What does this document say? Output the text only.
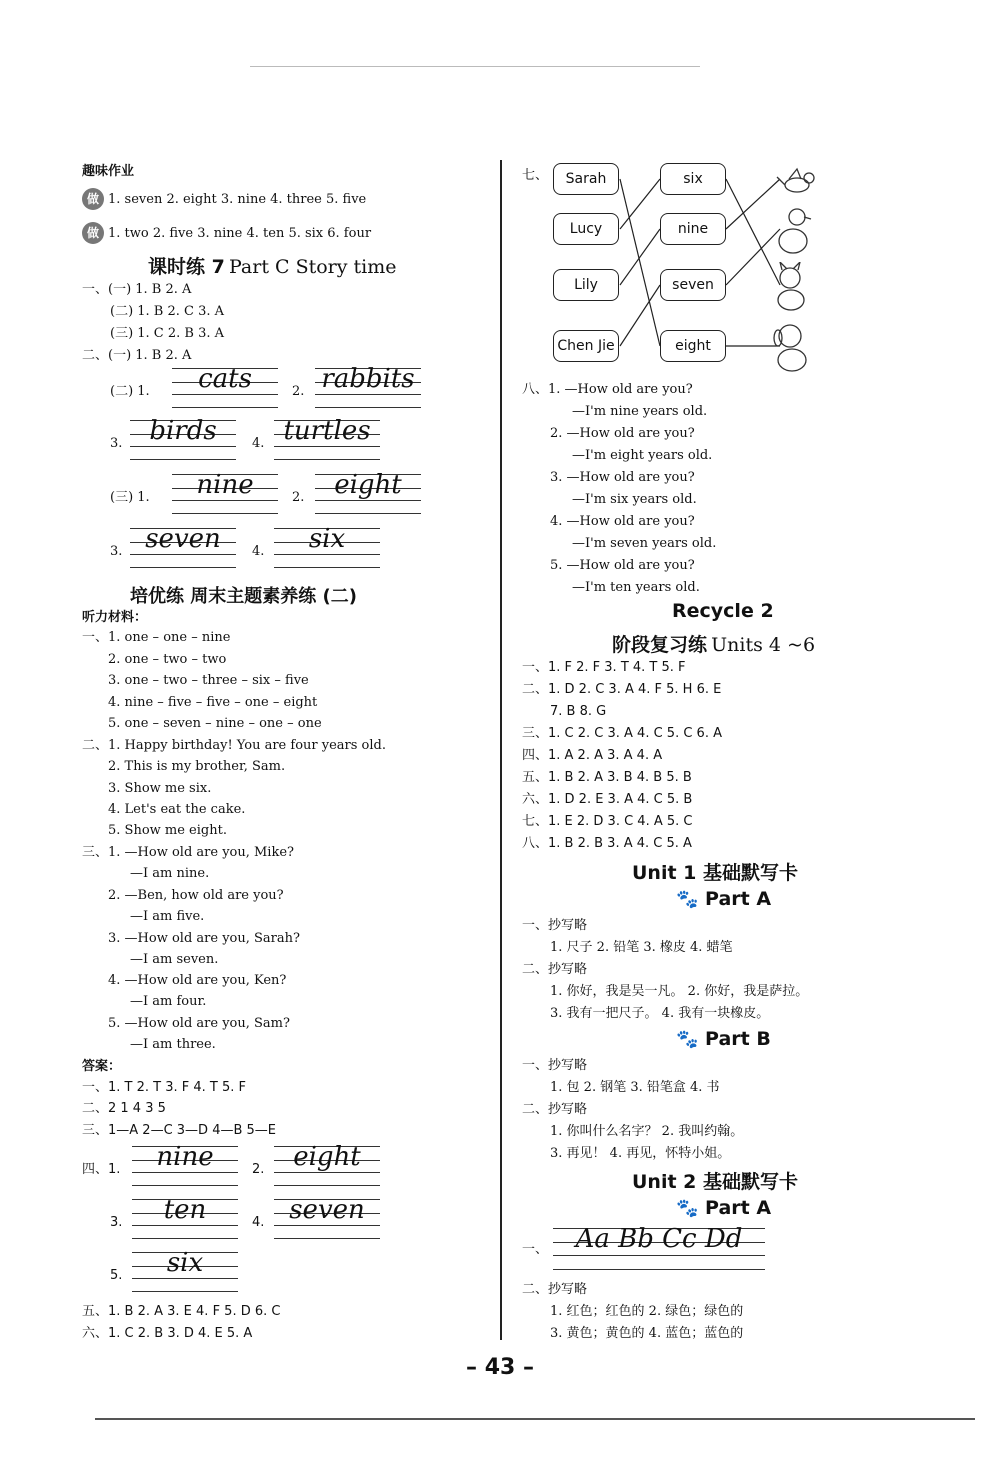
趣味作业
做 1. seven 2. eight 3. nine 4. three 5. five
做 1. two 2. five 3. nine 4. ten 5. six 6. four
课时练 7 Part C Story time
一、(一) 1. B 2. A
(二) 1. B 2. C 3. A
(三) 1. C 2. B 3. A
二、(一) 1. B 2. A
(二) 1.	cats	2. rabbits
3.	birds	4. turtles
(三) 1.	nine	2.	eight
3. seven	4.	six
培优练 周末主题素养练 (二)
听力材料：
一、1. one – one – nine
2. one – two – two
3. one – two – three – six – five
4. nine – five – five – one – eight
5. one – seven – nine – one – one
二、1. Happy birthday! You are four years old.
2. This is my brother, Sam.
3. Show me six.
4. Let's eat the cake.
5. Show me eight.
三、1. —How old are you, Mike?
—I am nine.
2. —Ben, how old are you?
—I am five.
3. —How old are you, Sarah?
—I am seven.
4. —How old are you, Ken?
—I am four.
5. —How old are you, Sam?
—I am three.
答案：
一、1. T 2. T 3. F 4. T 5. F
二、2 1 4 3 5
三、1—A 2—C 3—D 4—B 5—E
四、1.	nine	2.	eight
3.	ten	4. seven
5.	six
五、1. B 2. A 3. E 4. F 5. D 6. C
六、1. C 2. B 3. D 4. E 5. A
七、	Sarah
Lucy
Lily
Chen Jie
six
nine
seven
eight
八、1. —How old are you?
—I'm nine years old.
2. —How old are you?
—I'm eight years old.
3. —How old are you?
—I'm six years old.
4. —How old are you?
—I'm seven years old.
5. —How old are you?
—I'm ten years old.
Recycle 2
阶段复习练 Units 4 ~6
一、1. F 2. F 3. T 4. T 5. F
二、1. D 2. C 3. A 4. F 5. H 6. E
7. B 8. G
三、1. C 2. C 3. A 4. C 5. C 6. A
四、1. A 2. A 3. A 4. A
五、1. B 2. A 3. B 4. B 5. B
六、1. D 2. E 3. A 4. C 5. B
七、1. E 2. D 3. C 4. A 5. C
八、1. B 2. B 3. A 4. C 5. A
Unit 1 基础默写卡
🐾 Part A
一、抄写略
1. 尺子 2. 铅笔 3. 橡皮 4. 蜡笔
二、抄写略
1. 你好，我是吴一凡。 2. 你好，我是萨拉。
3. 我有一把尺子。 4. 我有一块橡皮。
🐾 Part B
一、抄写略
1. 包 2. 钢笔 3. 铅笔盒 4. 书
二、抄写略
1. 你叫什么名字？ 2. 我叫约翰。
3. 再见！ 4. 再见，怀特小姐。
Unit 2 基础默写卡
🐾 Part A
一、	Aa Bb Cc Dd
二、抄写略
1. 红色；红色的 2. 绿色；绿色的
3. 黄色；黄色的 4. 蓝色；蓝色的
– 43 –
